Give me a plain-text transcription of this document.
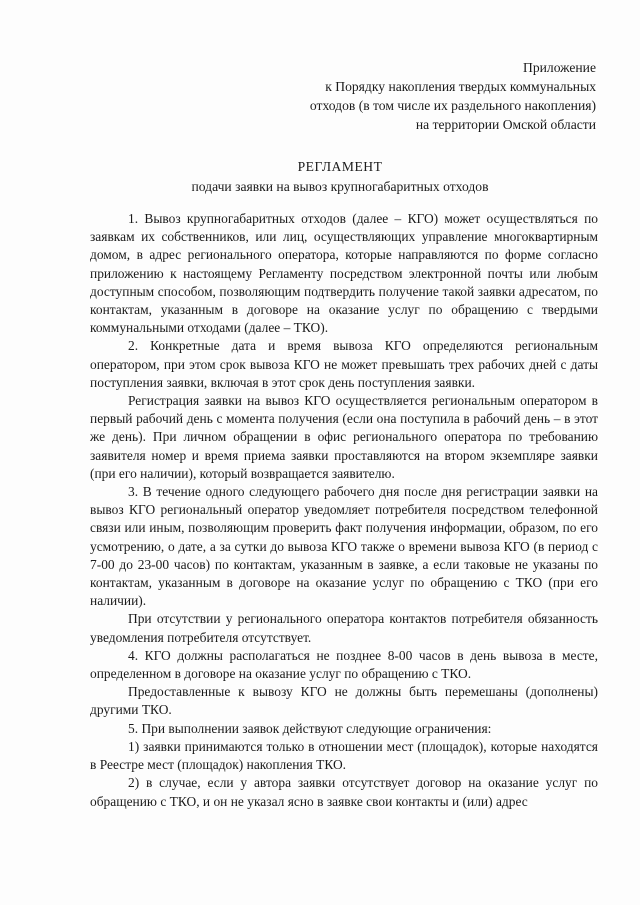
Приложение
к Порядку накопления твердых коммунальных
отходов (в том числе их раздельного накопления)
на территории Омской области
РЕГЛАМЕНТ
подачи заявки на вывоз крупногабаритных отходов

1. Вывоз крупногабаритных отходов (далее – КГО) может осуществляться по заявкам их собственников, или лиц, осуществляющих управление многоквартирным домом, в адрес регионального оператора, которые направляются по форме согласно приложению к настоящему Регламенту посредством электронной почты или любым доступным способом, позволяющим подтвердить получение такой заявки адресатом, по контактам, указанным в договоре на оказание услуг по обращению с твердыми коммунальными отходами (далее – ТКО).

2. Конкретные дата и время вывоза КГО определяются региональным оператором, при этом срок вывоза КГО не может превышать трех рабочих дней с даты поступления заявки, включая в этот срок день поступления заявки.

Регистрация заявки на вывоз КГО осуществляется региональным оператором в первый рабочий день с момента получения (если она поступила в рабочий день – в этот же день). При личном обращении в офис регионального оператора по требованию заявителя номер и время приема заявки проставляются на втором экземпляре заявки (при его наличии), который возвращается заявителю.

3. В течение одного следующего рабочего дня после дня регистрации заявки на вывоз КГО региональный оператор уведомляет потребителя посредством телефонной связи или иным, позволяющим проверить факт получения информации, образом, по его усмотрению, о дате, а за сутки до вывоза КГО также о времени вывоза КГО (в период с 7-00 до 23-00 часов) по контактам, указанным в заявке, а если таковые не указаны по контактам, указанным в договоре на оказание услуг по обращению с ТКО (при его наличии).

При отсутствии у регионального оператора контактов потребителя обязанность уведомления потребителя отсутствует.

4. КГО должны располагаться не позднее 8-00 часов в день вывоза в месте, определенном в договоре на оказание услуг по обращению с ТКО.

Предоставленные к вывозу КГО не должны быть перемешаны (дополнены) другими ТКО.

5. При выполнении заявок действуют следующие ограничения:

1) заявки принимаются только в отношении мест (площадок), которые находятся в Реестре мест (площадок) накопления ТКО.

2) в случае, если у автора заявки отсутствует договор на оказание услуг по обращению с ТКО, и он не указал ясно в заявке свои контакты и (или) адрес
